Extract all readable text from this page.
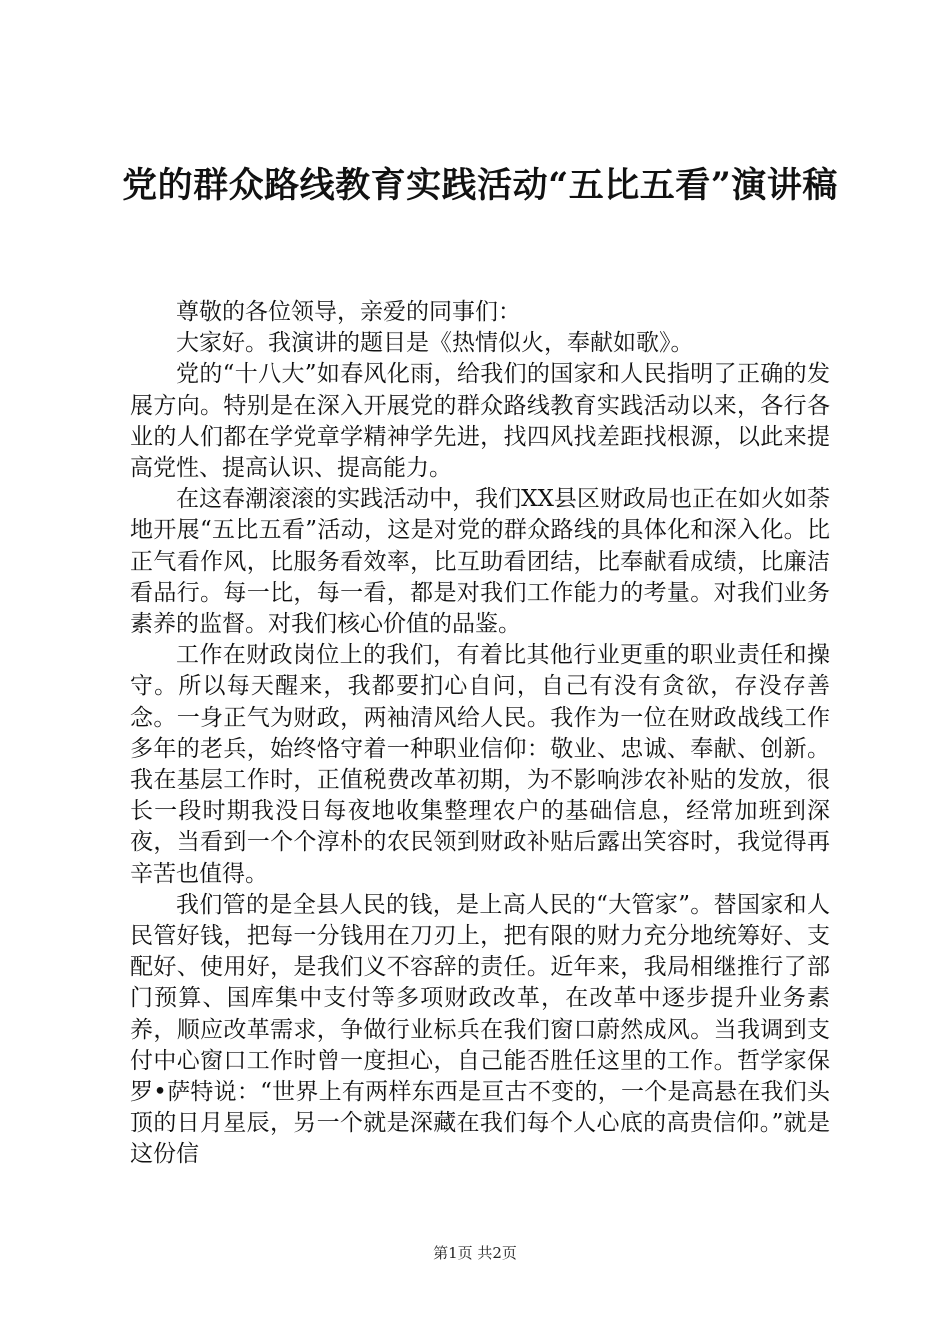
党的群众路线教育实践活动“五比五看”演讲稿

尊敬的各位领导，亲爱的同事们：

大家好。我演讲的题目是《热情似火，奉献如歌》。

党的“十八大”如春风化雨，给我们的国家和人民指明了正确的发展方向。特别是在深入开展党的群众路线教育实践活动以来，各行各业的人们都在学党章学精神学先进，找四风找差距找根源，以此来提高党性、提高认识、提高能力。

在这春潮滚滚的实践活动中，我们XX县区财政局也正在如火如荼地开展“五比五看”活动，这是对党的群众路线的具体化和深入化。比正气看作风，比服务看效率，比互助看团结，比奉献看成绩，比廉洁看品行。每一比，每一看，都是对我们工作能力的考量。对我们业务素养的监督。对我们核心价值的品鉴。

工作在财政岗位上的我们，有着比其他行业更重的职业责任和操守。所以每天醒来，我都要扪心自问，自己有没有贪欲，存没存善念。一身正气为财政，两袖清风给人民。我作为一位在财政战线工作多年的老兵，始终恪守着一种职业信仰：敬业、忠诚、奉献、创新。我在基层工作时，正值税费改革初期，为不影响涉农补贴的发放，很长一段时期我没日每夜地收集整理农户的基础信息，经常加班到深夜，当看到一个个淳朴的农民领到财政补贴后露出笑容时，我觉得再辛苦也值得。

我们管的是全县人民的钱，是上高人民的“大管家”。替国家和人民管好钱，把每一分钱用在刀刃上，把有限的财力充分地统筹好、支配好、使用好，是我们义不容辞的责任。近年来，我局相继推行了部门预算、国库集中支付等多项财政改革，在改革中逐步提升业务素养，顺应改革需求，争做行业标兵在我们窗口蔚然成风。当我调到支付中心窗口工作时曾一度担心，自己能否胜任这里的工作。哲学家保罗•萨特说：“世界上有两样东西是亘古不变的，一个是高悬在我们头顶的日月星辰，另一个就是深藏在我们每个人心底的高贵信仰。”就是这份信

第1页 共2页
